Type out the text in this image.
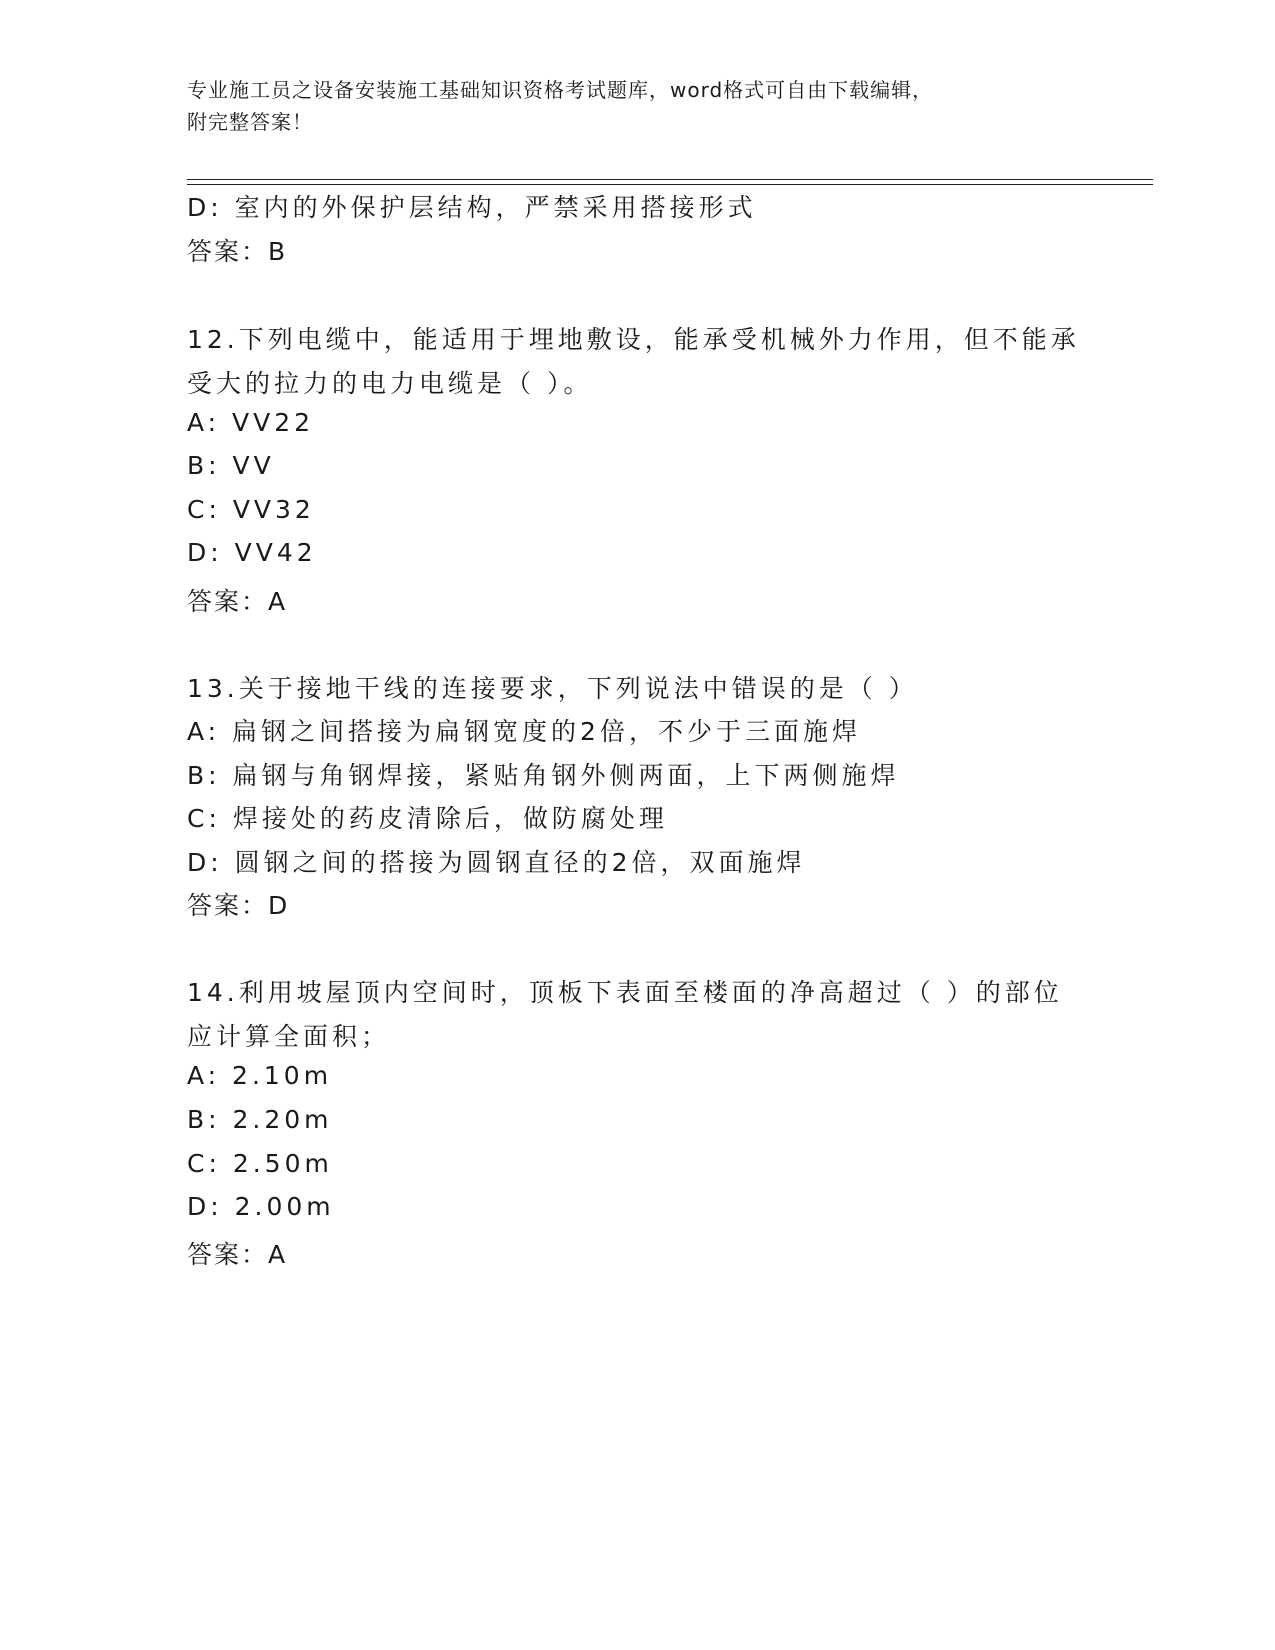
专业施工员之设备安装施工基础知识资格考试题库，word格式可自由下载编辑，
附完整答案！
D: 室内的外保护层结构，严禁采用搭接形式
答案：B
12.下列电缆中，能适用于埋地敷设，能承受机械外力作用，但不能承
受大的拉力的电力电缆是（ ）。
A: VV22
B: VV
C: VV32
D: VV42
答案：A
13.关于接地干线的连接要求，下列说法中错误的是（ ）
A: 扁钢之间搭接为扁钢宽度的2倍，不少于三面施焊
B: 扁钢与角钢焊接，紧贴角钢外侧两面，上下两侧施焊
C: 焊接处的药皮清除后，做防腐处理
D: 圆钢之间的搭接为圆钢直径的2倍，双面施焊
答案：D
14.利用坡屋顶内空间时，顶板下表面至楼面的净高超过（ ）的部位
应计算全面积；
A: 2.10m
B: 2.20m
C: 2.50m
D: 2.00m
答案：A
